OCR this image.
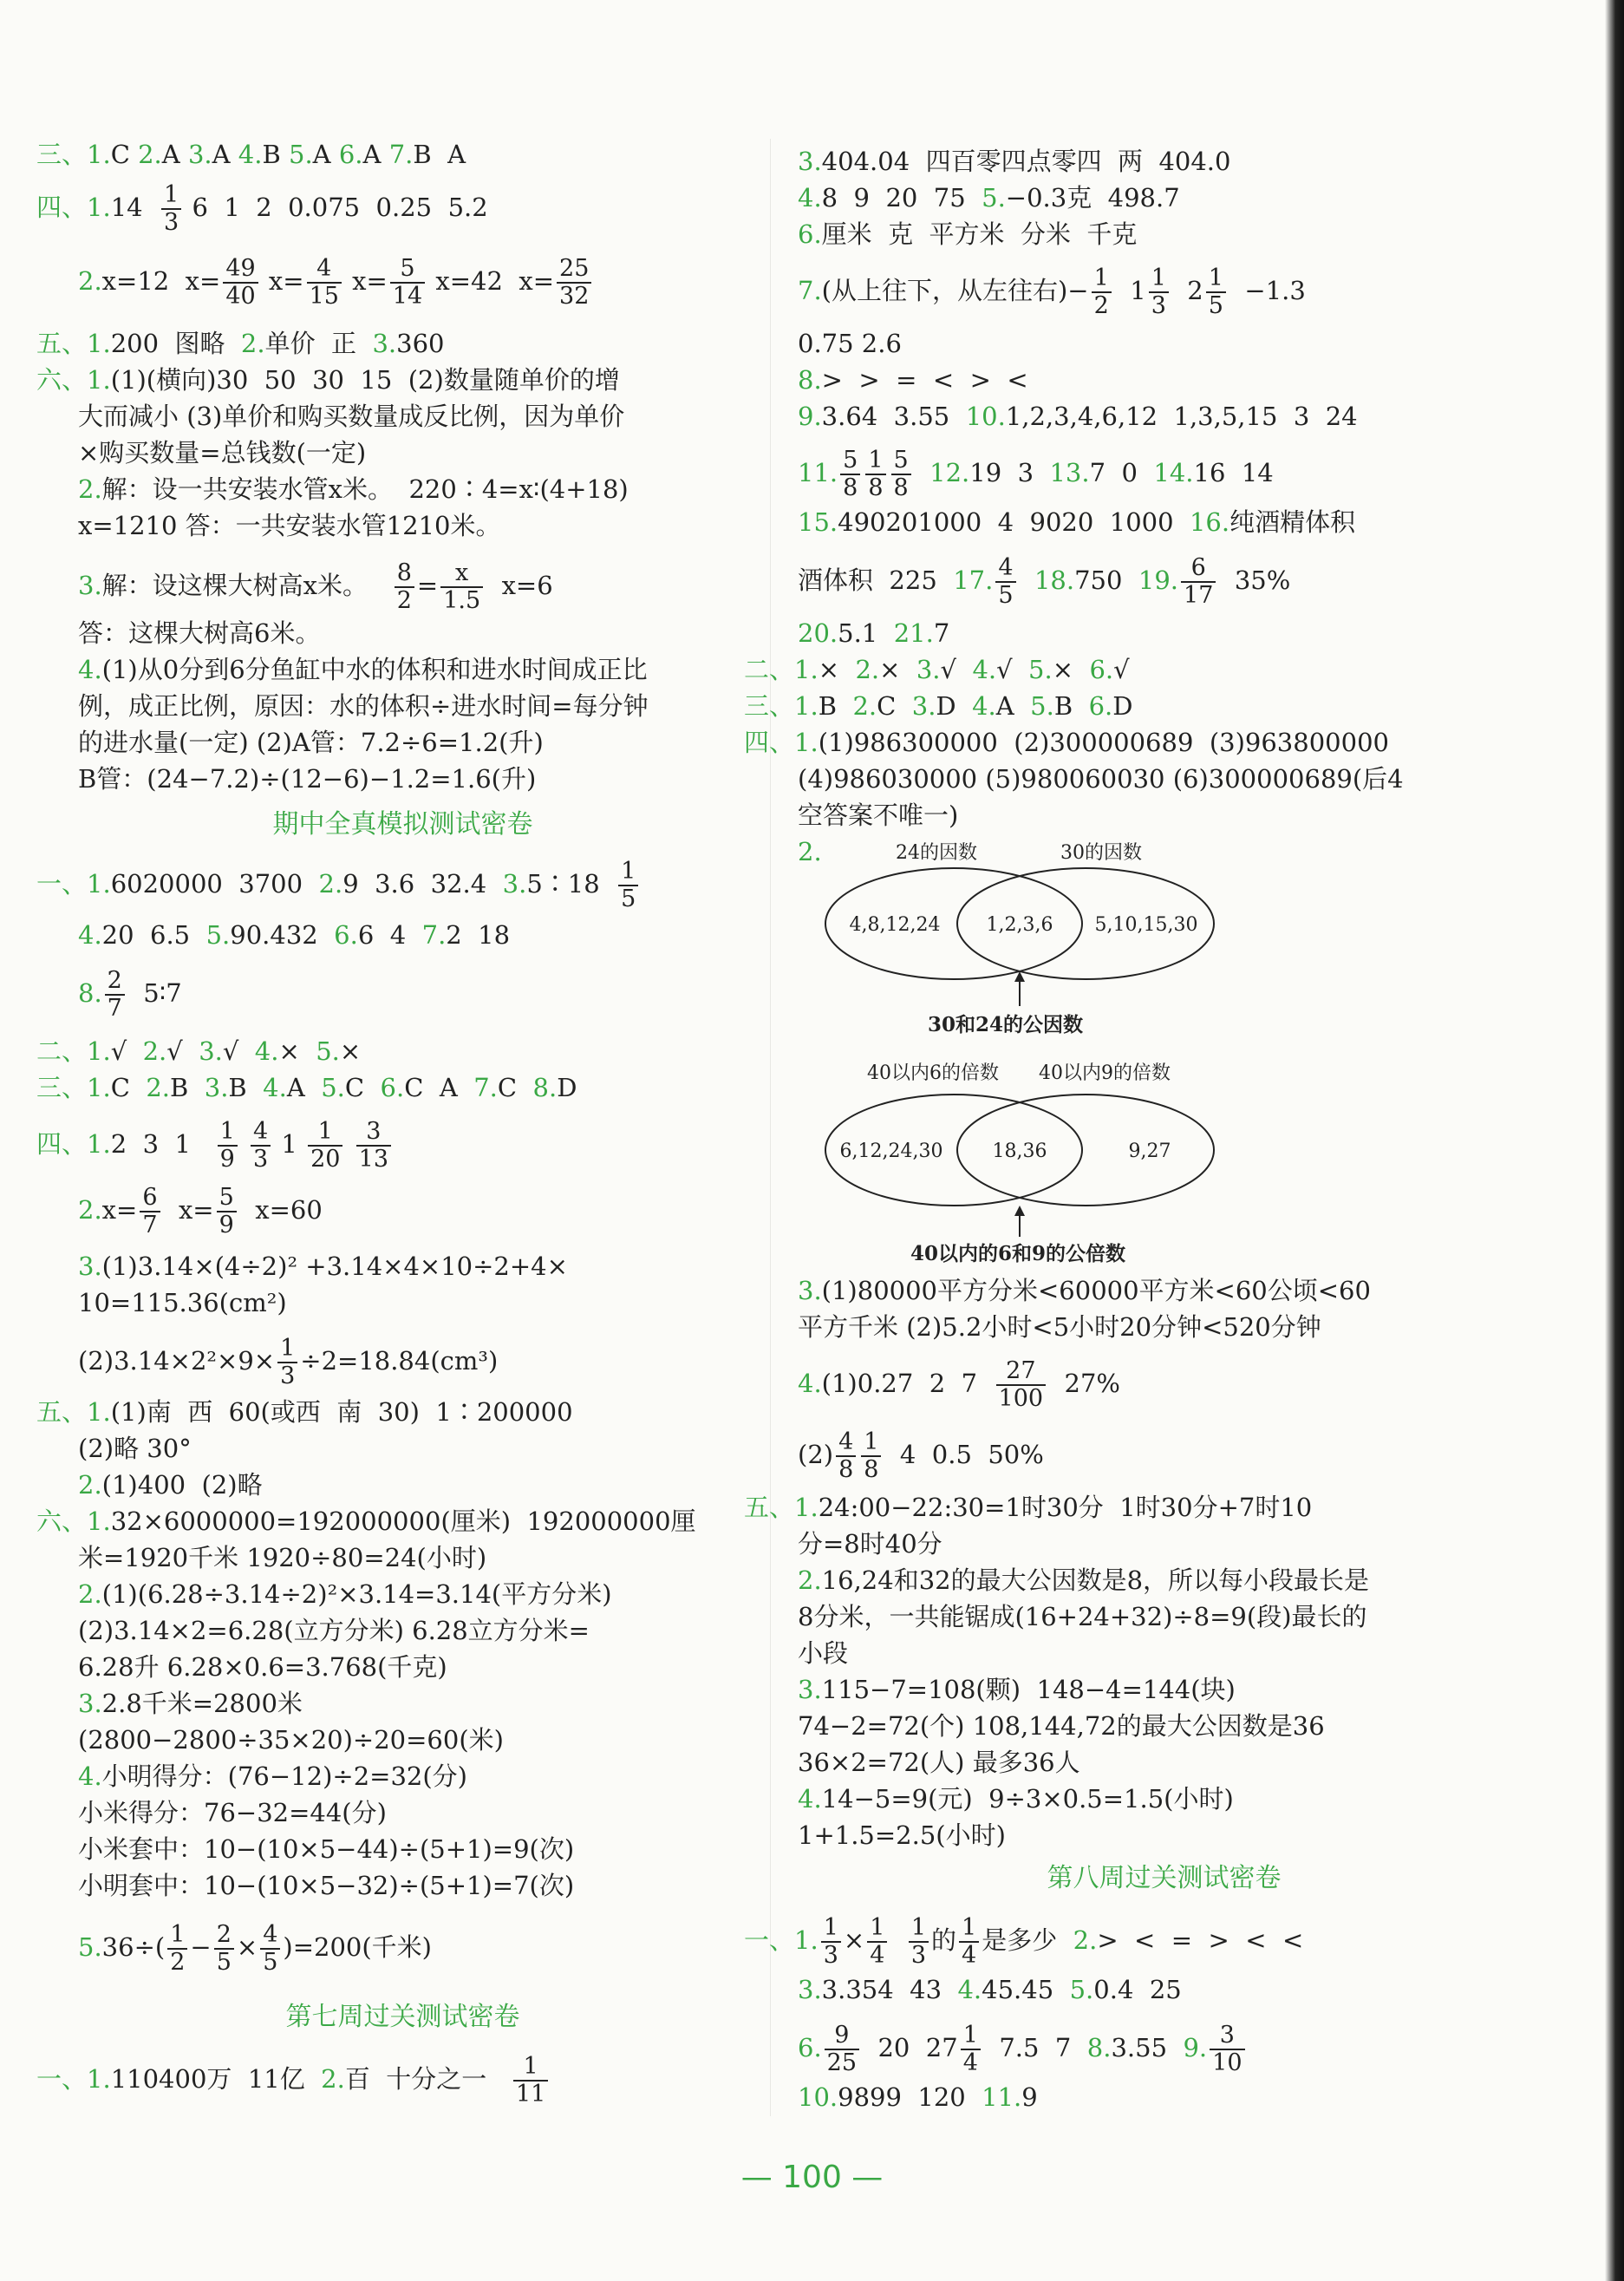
三、1.C 2.A 3.A 4.B 5.A 6.A 7.B  A
四、$1.14 \frac{1}{3} 6$  1  2  0.075  0.25  5.2
2.x=12  $x= \frac{49}{40} x= \frac{4}{15} x= \frac{5}{14} x=42$  $x= \frac{25}{32}$
五、1.200  图略  2.单价  正  3.360
六、1.(1)(横向)30  50  30  15  (2)数量随单价的增
大而减小 (3)单价和购买数量成反比例，因为单价
×购买数量=总钱数(一定)
2.解：设一共安装水管x米。  220∶4=x∶(4+18)
x=1210 答：一共安装水管1210米。
3.解：设这棵大树高x米。 $\frac{8}{2} = \frac{x}{1.5} x=6$
答：这棵大树高6米。
4.(1)从0分到6分鱼缸中水的体积和进水时间成正比
例，成正比例，原因：水的体积÷进水时间=每分钟
的进水量(一定) (2)A管：7.2÷6=1.2(升)
B管：(24−7.2)÷(12−6)−1.2=1.6(升)
期中全真模拟测试密卷
一、1.6020000  3700  2.9  3.6  32.4  3.5∶18 $\frac{1}{5}$
4.20  6.5  5.90.432  6.6  4  7.2  18
8. $\frac{2}{7}$ 5∶7
二、1.√  2.√  3.√  4.×  5.×
三、1.C  2.B  3.B  4.A  5.C  6.C  A  7.C  8.D
四、1.2  3  $1 \frac{1}{9}$
$\frac{4}{3} 1 \frac{1}{20}$
$\frac{3}{13}$
$2.x= \frac{6}{7} x= \frac{5}{9} x=60$
3.(1)3.14×(4÷2)² +3.14×4×10÷2+4×
10=115.36(cm²)
$(2)3.14\times 2^2\times 9\times \frac{1}{3} \div 2=18.84(cm^3)$
五、1.(1)南  西  60(或西  南  30)  1∶200000
(2)略 30°
2.(1)400  (2)略
六、1.32×6000000=192000000(厘米)  192000000厘
米=1920千米 1920÷80=24(小时)
2.(1)(6.28÷3.14÷2)²×3.14=3.14(平方分米)
(2)3.14×2=6.28(立方分米) 6.28立方分米=
6.28升 6.28×0.6=3.768(千克)
3.2.8千米=2800米
(2800−2800÷35×20)÷20=60(米)
4.小明得分：(76−12)÷2=32(分)
小米得分：76−32=44(分)
小米套中：10−(10×5−44)÷(5+1)=9(次)
小明套中：10−(10×5−32)÷(5+1)=7(次)
$5.36\div( \frac{1}{2} - \frac{2}{5} \times \frac{4}{5} )=200$(千米)
第七周过关测试密卷
一、1.110400万  11亿  2.百  十分之一 $\frac{1}{11}$
3.404.04  四百零四点零四  两  404.0
4.8  9  20  75  5.−0.3克  498.7
6.厘米  克  平方米  分米  千克
7.(从上往下，从左往右)− $\frac{1}{2} 1 \frac{1}{3} 2 \frac{1}{5} -1.3$
0.75 2.6
8.>  >  =  <  >  <
9.3.64  3.55  10.1,2,3,4,6,12  1,3,5,15  3  24
11. $\frac{5}{8} \frac{1}{8} \frac{5}{8} 12.19$  3  13.7  0  14.16  14
15.490201000  4  9020  1000  16.纯酒精体积
酒体积  225  17. $\frac{4}{5} 18.750$  19. $\frac{6}{17} 35\%$
20.5.1  21.7
二、1.×  2.×  3.√  4.√  5.×  6.√
三、1.B  2.C  3.D  4.A  5.B  6.D
四、1.(1)986300000  (2)300000689  (3)963800000
(4)986030000 (5)980060030 (6)300000689(后4
空答案不唯一)
2.	24的因数	30的因数
4,8,12,24 1,2,3,6 5,10,15,30
30和24的公因数
40以内6的倍数 40以内9的倍数
6,12,24,30	18,36	9,27
40以内的6和9的公倍数
3.(1)80000平方分米<60000平方米<60公顷<60
平方千米 (2)5.2小时<5小时20分钟<520分钟
4.(1)0.27  2  $7 \frac{27}{100} 27\%$
$(2) \frac{4}{8} \frac{1}{8} 4$  0.5  50%
五、1.24:00−22:30=1时30分  1时30分+7时10
分=8时40分
2.16,24和32的最大公因数是8，所以每小段最长是
8分米，一共能锯成(16+24+32)÷8=9(段)最长的
小段
3.115−7=108(颗)  148−4=144(块)
74−2=72(个) 108,144,72的最大公因数是36
36×2=72(人) 最多36人
4.14−5=9(元)  9÷3×0.5=1.5(小时)
1+1.5=2.5(小时)
第八周过关测试密卷
一、1. $\frac{1}{3} \times \frac{1}{4}$
$\frac{1}{3}$ 的 $\frac{1}{4}$ 是多少  2.>  <  =  >  <  <
3.3.354  43  4.45.45  5.0.4  25
6. $\frac{9}{25} 20$  $27 \frac{1}{4} 7.5$  7  8.3.55  9. $\frac{3}{10}$
10.9899  120  11.9
— 100 —
